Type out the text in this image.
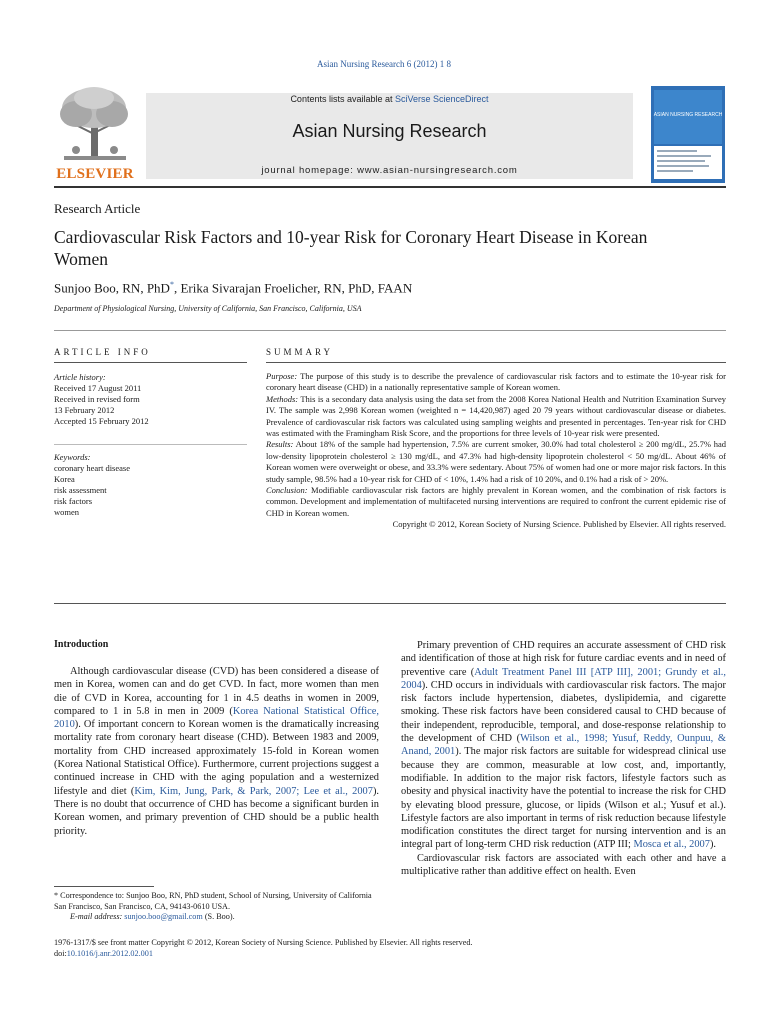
Asian Nursing Research 6 (2012) 1 8
ELSEVIER
Contents lists available at SciVerse ScienceDirect
Asian Nursing Research
journal homepage: www.asian-nursingresearch.com
ASIAN NURSING RESEARCH
Research Article
Cardiovascular Risk Factors and 10-year Risk for Coronary Heart Disease in Korean Women
Sunjoo Boo, RN, PhD*, Erika Sivarajan Froelicher, RN, PhD, FAAN
Department of Physiological Nursing, University of California, San Francisco, California, USA
ARTICLE INFO
Article history:
Received 17 August 2011
Received in revised form
13 February 2012
Accepted 15 February 2012
Keywords:
coronary heart disease
Korea
risk assessment
risk factors
women
SUMMARY

Purpose: The purpose of this study is to describe the prevalence of cardiovascular risk factors and to estimate the 10-year risk for coronary heart disease (CHD) in a nationally representative sample of Korean women.

Methods: This is a secondary data analysis using the data set from the 2008 Korea National Health and Nutrition Examination Survey IV. The sample was 2,998 Korean women (weighted n = 14,420,987) aged 20 79 years without cardiovascular disease or diabetes. Prevalence of cardiovascular risk factors was calculated using sampling weights and presented in percentages. Ten-year risk for CHD was estimated with the Framingham Risk Score, and the proportions for three levels of 10-year risk were presented.

Results: About 18% of the sample had hypertension, 7.5% are current smoker, 30.0% had total cholesterol ≥ 200 mg/dL, 25.7% had low-density lipoprotein cholesterol ≥ 130 mg/dL, and 47.3% had high-density lipoprotein cholesterol < 50 mg/dL. About 46% of Korean women were overweight or obese, and 33.3% were sedentary. About 75% of women had one or more major risk factors. In this study sample, 98.5% had a 10-year risk for CHD of < 10%, 1.4% had a risk of 10 20%, and 0.1% had a risk of > 20%.

Conclusion: Modifiable cardiovascular risk factors are highly prevalent in Korean women, and the combination of risk factors is common. Development and implementation of multifaceted nursing interventions are required to confront the current epidemic rise of CHD in Korean women.

Copyright © 2012, Korean Society of Nursing Science. Published by Elsevier. All rights reserved.

Introduction

Although cardiovascular disease (CVD) has been considered a disease of men in Korea, women can and do get CVD. In fact, more women than men die of CVD in Korea, accounting for 1 in 4.5 deaths in women in 2009, compared to 1 in 5.8 in men in 2009 (Korea National Statistical Office, 2010). Of important concern to Korean women is the dramatically increasing mortality rate from coronary heart disease (CHD). Between 1983 and 2009, mortality from CHD increased approximately 15-fold in Korean women (Korea National Statistical Office). Furthermore, current projections suggest a continued increase in CHD with the aging population and a westernized lifestyle and diet (Kim, Kim, Jung, Park, & Park, 2007; Lee et al., 2007). There is no doubt that occurrence of CHD has become a significant burden in Korean women, and primary prevention of CHD should be a public health priority.

Primary prevention of CHD requires an accurate assessment of CHD risk and identification of those at high risk for future cardiac events and in need of preventive care (Adult Treatment Panel III [ATP III], 2001; Grundy et al., 2004). CHD occurs in individuals with cardiovascular risk factors. The major risk factors include hypertension, diabetes, dyslipidemia, and cigarette smoking. These risk factors have been considered causal to CHD because of their independent, reproducible, temporal, and dose-response relationship to the development of CHD (Wilson et al., 1998; Yusuf, Reddy, Ounpuu, & Anand, 2001). The major risk factors are suitable for widespread clinical use because they are common, measurable at low cost, and, importantly, modifiable. In addition to the major risk factors, lifestyle factors such as obesity and physical inactivity have the potential to increase the risk for CHD by elevating blood pressure, glucose, or lipids (Wilson et al.; Yusuf et al.). Lifestyle factors are also important in terms of risk reduction because lifestyle modification constitutes the direct target for nursing intervention and is an integral part of long-term CHD risk reduction (ATP III; Mosca et al., 2007).

Cardiovascular risk factors are associated with each other and have a multiplicative rather than additive effect on health. Even

* Correspondence to: Sunjoo Boo, RN, PhD student, School of Nursing, University of California San Francisco, San Francisco, CA, 94143-0610 USA.

E-mail address: sunjoo.boo@gmail.com (S. Boo).

1976-1317/$ see front matter Copyright © 2012, Korean Society of Nursing Science. Published by Elsevier. All rights reserved.
doi:10.1016/j.anr.2012.02.001
